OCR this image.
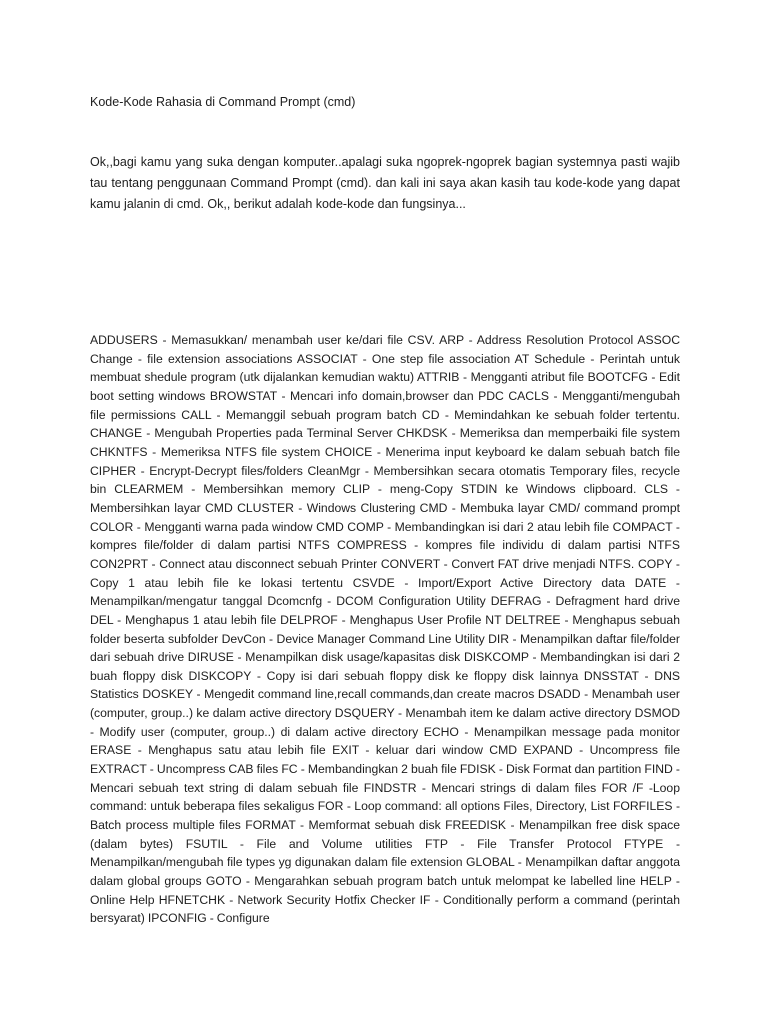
Kode-Kode Rahasia di Command Prompt (cmd)

Ok,,bagi kamu yang suka dengan komputer..apalagi suka ngoprek-ngoprek bagian systemnya pasti wajib tau tentang penggunaan Command Prompt (cmd). dan kali ini saya akan kasih tau kode-kode yang dapat kamu jalanin di cmd. Ok,, berikut adalah kode-kode dan fungsinya...

ADDUSERS - Memasukkan/ menambah user ke/dari file CSV. ARP - Address Resolution Protocol ASSOC Change - file extension associations ASSOCIAT - One step file association AT Schedule - Perintah untuk membuat shedule program (utk dijalankan kemudian waktu) ATTRIB - Mengganti atribut file BOOTCFG - Edit boot setting windows BROWSTAT - Mencari info domain,browser dan PDC CACLS - Mengganti/mengubah file permissions CALL - Memanggil sebuah program batch CD - Memindahkan ke sebuah folder tertentu. CHANGE - Mengubah Properties pada Terminal Server CHKDSK - Memeriksa dan memperbaiki file system CHKNTFS - Memeriksa NTFS file system CHOICE - Menerima input keyboard ke dalam sebuah batch file CIPHER - Encrypt-Decrypt files/folders CleanMgr - Membersihkan secara otomatis Temporary files, recycle bin CLEARMEM - Membersihkan memory CLIP - meng-Copy STDIN ke Windows clipboard. CLS - Membersihkan layar CMD CLUSTER - Windows Clustering CMD - Membuka layar CMD/ command prompt COLOR - Mengganti warna pada window CMD COMP - Membandingkan isi dari 2 atau lebih file COMPACT - kompres file/folder di dalam partisi NTFS COMPRESS - kompres file individu di dalam partisi NTFS CON2PRT - Connect atau disconnect sebuah Printer CONVERT - Convert FAT drive menjadi NTFS. COPY - Copy 1 atau lebih file ke lokasi tertentu CSVDE - Import/Export Active Directory data DATE - Menampilkan/mengatur tanggal Dcomcnfg - DCOM Configuration Utility DEFRAG - Defragment hard drive DEL - Menghapus 1 atau lebih file DELPROF - Menghapus User Profile NT DELTREE - Menghapus sebuah folder beserta subfolder DevCon - Device Manager Command Line Utility DIR - Menampilkan daftar file/folder dari sebuah drive DIRUSE - Menampilkan disk usage/kapasitas disk DISKCOMP - Membandingkan isi dari 2 buah floppy disk DISKCOPY - Copy isi dari sebuah floppy disk ke floppy disk lainnya DNSSTAT - DNS Statistics DOSKEY - Mengedit command line,recall commands,dan create macros DSADD - Menambah user (computer, group..) ke dalam active directory DSQUERY - Menambah item ke dalam active directory DSMOD - Modify user (computer, group..) di dalam active directory ECHO - Menampilkan message pada monitor ERASE - Menghapus satu atau lebih file EXIT - keluar dari window CMD EXPAND - Uncompress file EXTRACT - Uncompress CAB files FC - Membandingkan 2 buah file FDISK - Disk Format dan partition FIND - Mencari sebuah text string di dalam sebuah file FINDSTR - Mencari strings di dalam files FOR /F -Loop command: untuk beberapa files sekaligus FOR - Loop command: all options Files, Directory, List FORFILES - Batch process multiple files FORMAT - Memformat sebuah disk FREEDISK - Menampilkan free disk space (dalam bytes) FSUTIL - File and Volume utilities FTP - File Transfer Protocol FTYPE - Menampilkan/mengubah file types yg digunakan dalam file extension GLOBAL - Menampilkan daftar anggota dalam global groups GOTO - Mengarahkan sebuah program batch untuk melompat ke labelled line HELP - Online Help HFNETCHK - Network Security Hotfix Checker IF - Conditionally perform a command (perintah bersyarat) IPCONFIG - Configure
